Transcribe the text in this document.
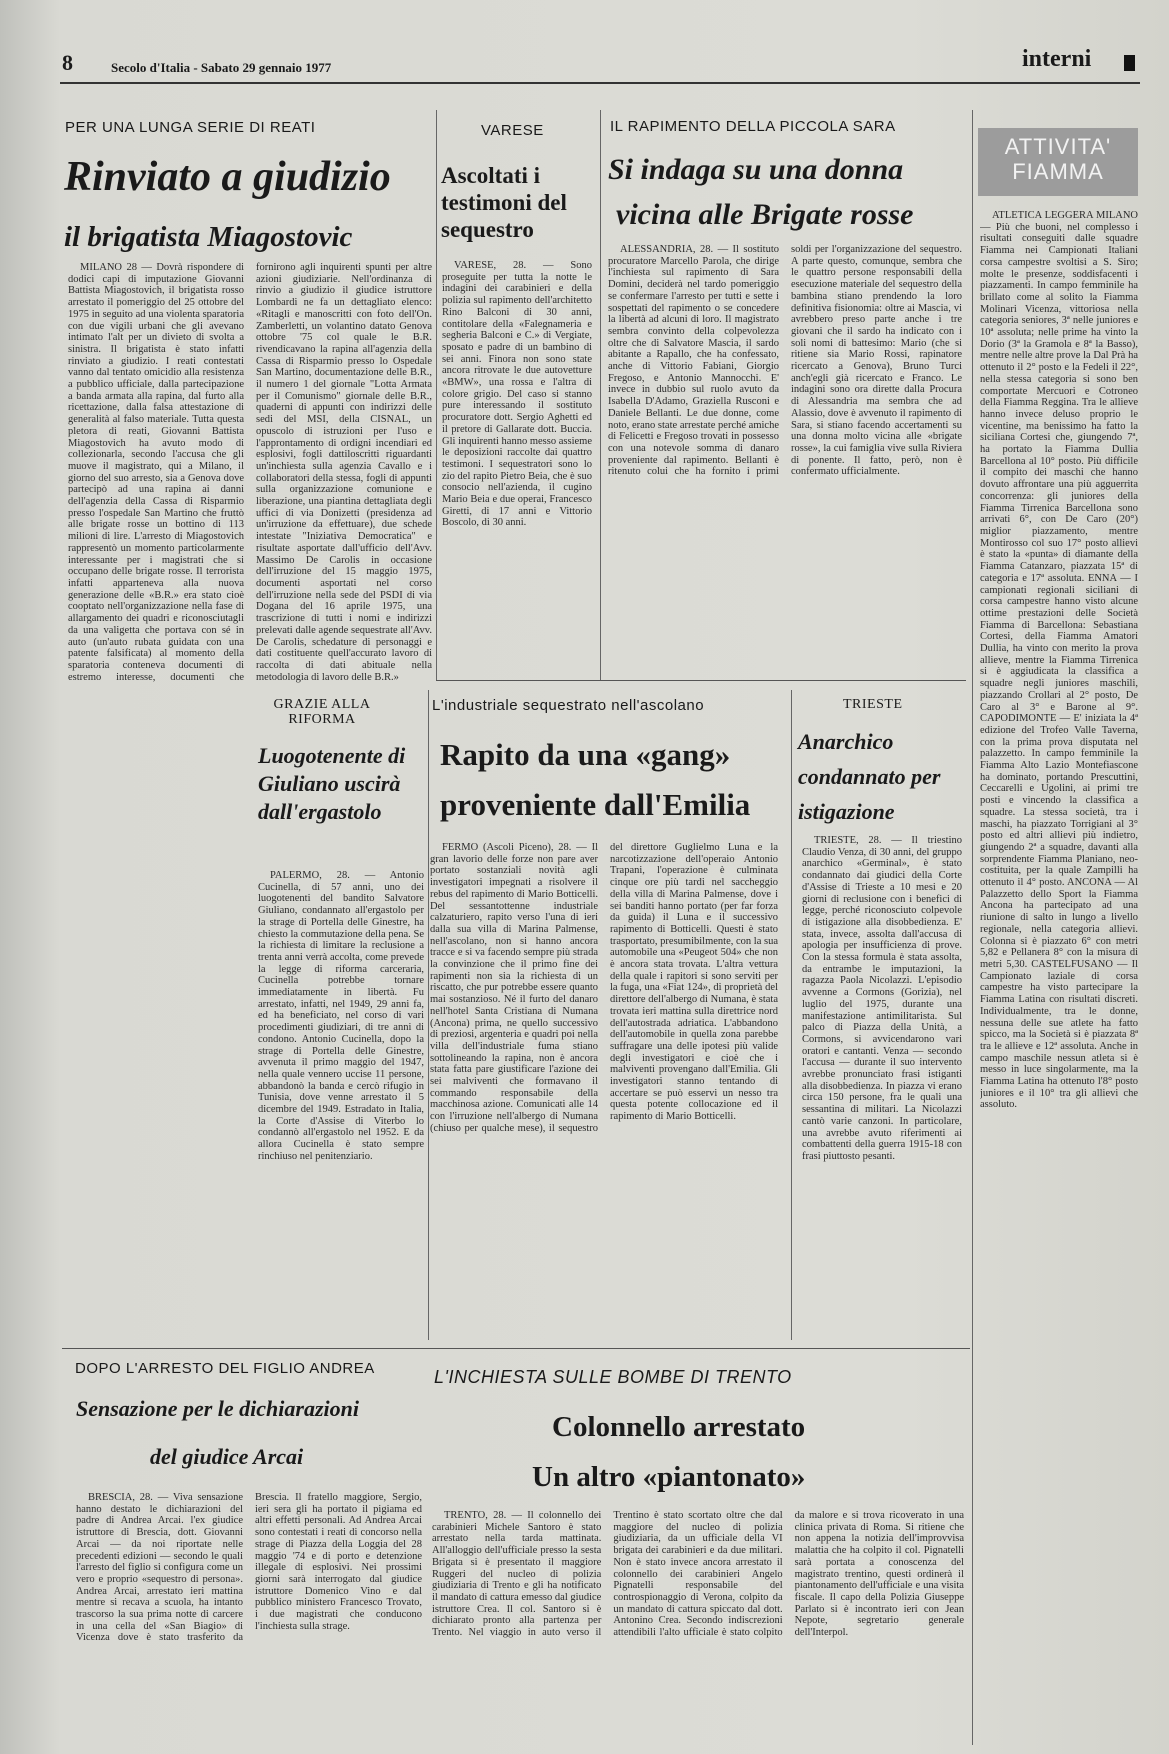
8	Secolo d'Italia - Sabato 29 gennaio 1977	interni
PER UNA LUNGA SERIE DI REATI
Rinviato a giudizio
il brigatista Miagostovic

MILANO 28 — Dovrà rispondere di dodici capi di imputazione Giovanni Battista Miagostovich, il brigatista rosso arrestato il pomeriggio del 25 ottobre del 1975 in seguito ad una violenta sparatoria con due vigili urbani che gli avevano intimato l'alt per un divieto di svolta a sinistra. Il brigatista è stato infatti rinviato a giudizio. I reati contestati vanno dal tentato omicidio alla resistenza a pubblico ufficiale, dalla partecipazione a banda armata alla rapina, dal furto alla ricettazione, dalla falsa attestazione di generalità al falso materiale. Tutta questa pletora di reati, Giovanni Battista Miagostovich ha avuto modo di collezionarla, secondo l'accusa che gli muove il magistrato, qui a Milano, il giorno del suo arresto, sia a Genova dove partecipò ad una rapina ai danni dell'agenzia della Cassa di Risparmio presso l'ospedale San Martino che fruttò alle brigate rosse un bottino di 113 milioni di lire. L'arresto di Miagostovich rappresentò un momento particolarmente interessante per i magistrati che si occupano delle brigate rosse. Il terrorista infatti apparteneva alla nuova generazione delle «B.R.» era stato cioè cooptato nell'organizzazione nella fase di allargamento dei quadri e riconosciutagli da una valigetta che portava con sé in auto (un'auto rubata guidata con una patente falsificata) al momento della sparatoria conteneva documenti di estremo interesse, documenti che fornirono agli inquirenti spunti per altre azioni giudiziarie. Nell'ordinanza di rinvio a giudizio il giudice istruttore Lombardi ne fa un dettagliato elenco: «Ritagli e manoscritti con foto dell'On. Zamberletti, un volantino datato Genova ottobre '75 col quale le B.R. rivendicavano la rapina all'agenzia della Cassa di Risparmio presso lo Ospedale San Martino, documentazione delle B.R., il numero 1 del giornale "Lotta Armata per il Comunismo" giornale delle B.R., quaderni di appunti con indirizzi delle sedi del MSI, della CISNAL, un opuscolo di istruzioni per l'uso e l'approntamento di ordigni incendiari ed esplosivi, fogli dattiloscritti riguardanti un'inchiesta sulla agenzia Cavallo e i collaboratori della stessa, fogli di appunti sulla organizzazione comunione e liberazione, una piantina dettagliata degli uffici di via Donizetti (presidenza ad un'irruzione da effettuare), due schede intestate "Iniziativa Democratica" e risultate asportate dall'ufficio dell'Avv. Massimo De Carolis in occasione dell'irruzione del 15 maggio 1975, documenti asportati nel corso dell'irruzione nella sede del PSDI di via Dogana del 16 aprile 1975, una trascrizione di tutti i nomi e indirizzi prelevati dalle agende sequestrate all'Avv. De Carolis, schedature di personaggi e dati costituente quell'accurato lavoro di raccolta di dati abituale nella metodologia di lavoro delle B.R.»

VARESE
Ascoltati i testimoni del sequestro

VARESE, 28. — Sono proseguite per tutta la notte le indagini dei carabinieri e della polizia sul rapimento dell'architetto Rino Balconi di 30 anni, contitolare della «Falegnameria e segheria Balconi e C.» di Vergiate, sposato e padre di un bambino di sei anni. Finora non sono state ancora ritrovate le due autovetture «BMW», una rossa e l'altra di colore grigio. Del caso si stanno pure interessando il sostituto procuratore dott. Sergio Aghetti ed il pretore di Gallarate dott. Buccia. Gli inquirenti hanno messo assieme le deposizioni raccolte dai quattro testimoni. I sequestratori sono lo zio del rapito Pietro Beia, che è suo consocio nell'azienda, il cugino Mario Beia e due operai, Francesco Giretti, di 17 anni e Vittorio Boscolo, di 30 anni.

IL RAPIMENTO DELLA PICCOLA SARA
Si indaga su una donna
vicina alle Brigate rosse

ALESSANDRIA, 28. — Il sostituto procuratore Marcello Parola, che dirige l'inchiesta sul rapimento di Sara Domini, deciderà nel tardo pomeriggio se confermare l'arresto per tutti e sette i sospettati del rapimento o se concedere la libertà ad alcuni di loro. Il magistrato sembra convinto della colpevolezza oltre che di Salvatore Mascia, il sardo abitante a Rapallo, che ha confessato, anche di Vittorio Fabiani, Giorgio Fregoso, e Antonio Mannocchi. E' invece in dubbio sul ruolo avuto da Isabella D'Adamo, Graziella Rusconi e Daniele Bellanti. Le due donne, come noto, erano state arrestate perché amiche di Felicetti e Fregoso trovati in possesso con una notevole somma di danaro proveniente dal rapimento. Bellanti è ritenuto colui che ha fornito i primi soldi per l'organizzazione del sequestro. A parte questo, comunque, sembra che le quattro persone responsabili della esecuzione materiale del sequestro della bambina stiano prendendo la loro definitiva fisionomia: oltre ai Mascia, vi avrebbero preso parte anche i tre giovani che il sardo ha indicato con i soli nomi di battesimo: Mario (che si ritiene sia Mario Rossi, rapinatore ricercato a Genova), Bruno Turci anch'egli già ricercato e Franco. Le indagini sono ora dirette dalla Procura di Alessandria ma sembra che ad Alassio, dove è avvenuto il rapimento di Sara, si stiano facendo accertamenti su una donna molto vicina alle «brigate rosse», la cui famiglia vive sulla Riviera di ponente. Il fatto, però, non è confermato ufficialmente.

GRAZIE ALLA RIFORMA
Luogotenente di Giuliano uscirà dall'ergastolo

PALERMO, 28. — Antonio Cucinella, di 57 anni, uno dei luogotenenti del bandito Salvatore Giuliano, condannato all'ergastolo per la strage di Portella delle Ginestre, ha chiesto la commutazione della pena. Se la richiesta di limitare la reclusione a trenta anni verrà accolta, come prevede la legge di riforma carceraria, Cucinella potrebbe tornare immediatamente in libertà. Fu arrestato, infatti, nel 1949, 29 anni fa, ed ha beneficiato, nel corso di vari procedimenti giudiziari, di tre anni di condono. Antonio Cucinella, dopo la strage di Portella delle Ginestre, avvenuta il primo maggio del 1947, nella quale vennero uccise 11 persone, abbandonò la banda e cercò rifugio in Tunisia, dove venne arrestato il 5 dicembre del 1949. Estradato in Italia, la Corte d'Assise di Viterbo lo condannò all'ergastolo nel 1952. E da allora Cucinella è stato sempre rinchiuso nel penitenziario.

L'industriale sequestrato nell'ascolano
Rapito da una «gang»
proveniente dall'Emilia

FERMO (Ascoli Piceno), 28. — Il gran lavorio delle forze non pare aver portato sostanziali novità agli investigatori impegnati a risolvere il rebus del rapimento di Mario Botticelli. Del sessantottenne industriale calzaturiero, rapito verso l'una di ieri dalla sua villa di Marina Palmense, nell'ascolano, non si hanno ancora tracce e si va facendo sempre più strada la convinzione che il primo fine dei rapimenti non sia la richiesta di un riscatto, che pur potrebbe essere quanto mai sostanzioso. Né il furto del danaro nell'hotel Santa Cristiana di Numana (Ancona) prima, ne quello successivo di preziosi, argenteria e quadri poi nella villa dell'industriale fuma stiano sottolineando la rapina, non è ancora stata fatta pare giustificare l'azione dei sei malviventi che formavano il commando responsabile della macchinosa azione. Comunicati alle 14 con l'irruzione nell'albergo di Numana (chiuso per qualche mese), il sequestro del direttore Guglielmo Luna e la narcotizzazione dell'operaio Antonio Trapani, l'operazione è culminata cinque ore più tardi nel saccheggio della villa di Marina Palmense, dove i sei banditi hanno portato (per far forza da guida) il Luna e il successivo rapimento di Botticelli. Questi è stato trasportato, presumibilmente, con la sua automobile una «Peugeot 504» che non è ancora stata trovata. L'altra vettura della quale i rapitori si sono serviti per la fuga, una «Fiat 124», di proprietà del direttore dell'albergo di Numana, è stata trovata ieri mattina sulla direttrice nord dell'autostrada adriatica. L'abbandono dell'automobile in quella zona parebbe suffragare una delle ipotesi più valide degli investigatori e cioè che i malviventi provengano dall'Emilia. Gli investigatori stanno tentando di accertare se può esservi un nesso tra questa potente collocazione ed il rapimento di Mario Botticelli.

TRIESTE
Anarchico condannato per istigazione

TRIESTE, 28. — Il triestino Claudio Venza, di 30 anni, del gruppo anarchico «Germinal», è stato condannato dai giudici della Corte d'Assise di Trieste a 10 mesi e 20 giorni di reclusione con i benefici di legge, perché riconosciuto colpevole di istigazione alla disobbedienza. E' stata, invece, assolta dall'accusa di apologia per insufficienza di prove. Con la stessa formula è stata assolta, da entrambe le imputazioni, la ragazza Paola Nicolazzi. L'episodio avvenne a Cormons (Gorizia), nel luglio del 1975, durante una manifestazione antimilitarista. Sul palco di Piazza della Unità, a Cormons, si avvicendarono vari oratori e cantanti. Venza — secondo l'accusa — durante il suo intervento avrebbe pronunciato frasi istiganti alla disobbedienza. In piazza vi erano circa 150 persone, fra le quali una sessantina di militari. La Nicolazzi cantò varie canzoni. In particolare, una avrebbe avuto riferimenti ai combattenti della guerra 1915-18 con frasi piuttosto pesanti.

DOPO L'ARRESTO DEL FIGLIO ANDREA
Sensazione per le dichiarazioni
del giudice Arcai

BRESCIA, 28. — Viva sensazione hanno destato le dichiarazioni del padre di Andrea Arcai. l'ex giudice istruttore di Brescia, dott. Giovanni Arcai — da noi riportate nelle precedenti edizioni — secondo le quali l'arresto del figlio si configura come un vero e proprio «sequestro di persona». Andrea Arcai, arrestato ieri mattina mentre si recava a scuola, ha intanto trascorso la sua prima notte di carcere in una cella del «San Biagio» di Vicenza dove è stato trasferito da Brescia. Il fratello maggiore, Sergio, ieri sera gli ha portato il pigiama ed altri effetti personali. Ad Andrea Arcai sono contestati i reati di concorso nella strage di Piazza della Loggia del 28 maggio '74 e di porto e detenzione illegale di esplosivi. Nei prossimi giorni sarà interrogato dal giudice istruttore Domenico Vino e dal pubblico ministero Francesco Trovato, i due magistrati che conducono l'inchiesta sulla strage.

L'INCHIESTA SULLE BOMBE DI TRENTO
Colonnello arrestato
Un altro «piantonato»

TRENTO, 28. — Il colonnello dei carabinieri Michele Santoro è stato arrestato nella tarda mattinata. All'alloggio dell'ufficiale presso la sesta Brigata si è presentato il maggiore Ruggeri del nucleo di polizia giudiziaria di Trento e gli ha notificato il mandato di cattura emesso dal giudice istruttore Crea. Il col. Santoro si è dichiarato pronto alla partenza per Trento. Nel viaggio in auto verso il Trentino è stato scortato oltre che dal maggiore del nucleo di polizia giudiziaria, da un ufficiale della VI brigata dei carabinieri e da due militari. Non è stato invece ancora arrestato il colonnello dei carabinieri Angelo Pignatelli responsabile del controspionaggio di Verona, colpito da un mandato di cattura spiccato dal dott. Antonino Crea. Secondo indiscrezioni attendibili l'alto ufficiale è stato colpito da malore e si trova ricoverato in una clinica privata di Roma. Si ritiene che non appena la notizia dell'improvvisa malattia che ha colpito il col. Pignatelli sarà portata a conoscenza del magistrato trentino, questi ordinerà il piantonamento dell'ufficiale e una visita fiscale. Il capo della Polizia Giuseppe Parlato si è incontrato ieri con Jean Nepote, segretario generale dell'Interpol.

ATTIVITA'
FIAMMA

ATLETICA LEGGERA MILANO — Più che buoni, nel complesso i risultati conseguiti dalle squadre Fiamma nei Campionati Italiani corsa campestre svoltisi a S. Siro; molte le presenze, soddisfacenti i piazzamenti. In campo femminile ha brillato come al solito la Fiamma Molinari Vicenza, vittoriosa nella categoria seniores, 3ª nelle juniores e 10ª assoluta; nelle prime ha vinto la Dorio (3ª la Gramola e 8ª la Basso), mentre nelle altre prove la Dal Prà ha ottenuto il 2° posto e la Fedeli il 22°, nella stessa categoria si sono ben comportate Mercuori e Cotroneo della Fiamma Reggina. Tra le allieve hanno invece deluso proprio le vicentine, ma benissimo ha fatto la siciliana Cortesi che, giungendo 7ª, ha portato la Fiamma Dullia Barcellona al 10° posto. Più difficile il compito dei maschi che hanno dovuto affrontare una più agguerrita concorrenza: gli juniores della Fiamma Tirrenica Barcellona sono arrivati 6°, con De Caro (20°) miglior piazzamento, mentre Montirosso col suo 17° posto allievi è stato la «punta» di diamante della Fiamma Catanzaro, piazzata 15ª di categoria e 17ª assoluta. ENNA — I campionati regionali siciliani di corsa campestre hanno visto alcune ottime prestazioni delle Società Fiamma di Barcellona: Sebastiana Cortesi, della Fiamma Amatori Dullia, ha vinto con merito la prova allieve, mentre la Fiamma Tirrenica si è aggiudicata la classifica a squadre negli juniores maschili, piazzando Crollari al 2° posto, De Caro al 3° e Barone al 9°. CAPODIMONTE — E' iniziata la 4ª edizione del Trofeo Valle Taverna, con la prima prova disputata nel palazzetto. In campo femminile la Fiamma Alto Lazio Montefiascone ha dominato, portando Prescuttini, Ceccarelli e Ugolini, ai primi tre posti e vincendo la classifica a squadre. La stessa società, tra i maschi, ha piazzato Torrigiani al 3° posto ed altri allievi più indietro, giungendo 2ª a squadre, davanti alla sorprendente Fiamma Planiano, neo-costituita, per la quale Zampilli ha ottenuto il 4° posto. ANCONA — Al Palazzetto dello Sport la Fiamma Ancona ha partecipato ad una riunione di salto in lungo a livello regionale, nella categoria allievi. Colonna si è piazzato 6° con metri 5,82 e Pellanera 8° con la misura di metri 5,30. CASTELFUSANO — Il Campionato laziale di corsa campestre ha visto partecipare la Fiamma Latina con risultati discreti. Individualmente, tra le donne, nessuna delle sue atlete ha fatto spicco, ma la Società si è piazzata 8ª tra le allieve e 12ª assoluta. Anche in campo maschile nessun atleta si è messo in luce singolarmente, ma la Fiamma Latina ha ottenuto l'8° posto juniores e il 10° tra gli allievi che assoluto.
